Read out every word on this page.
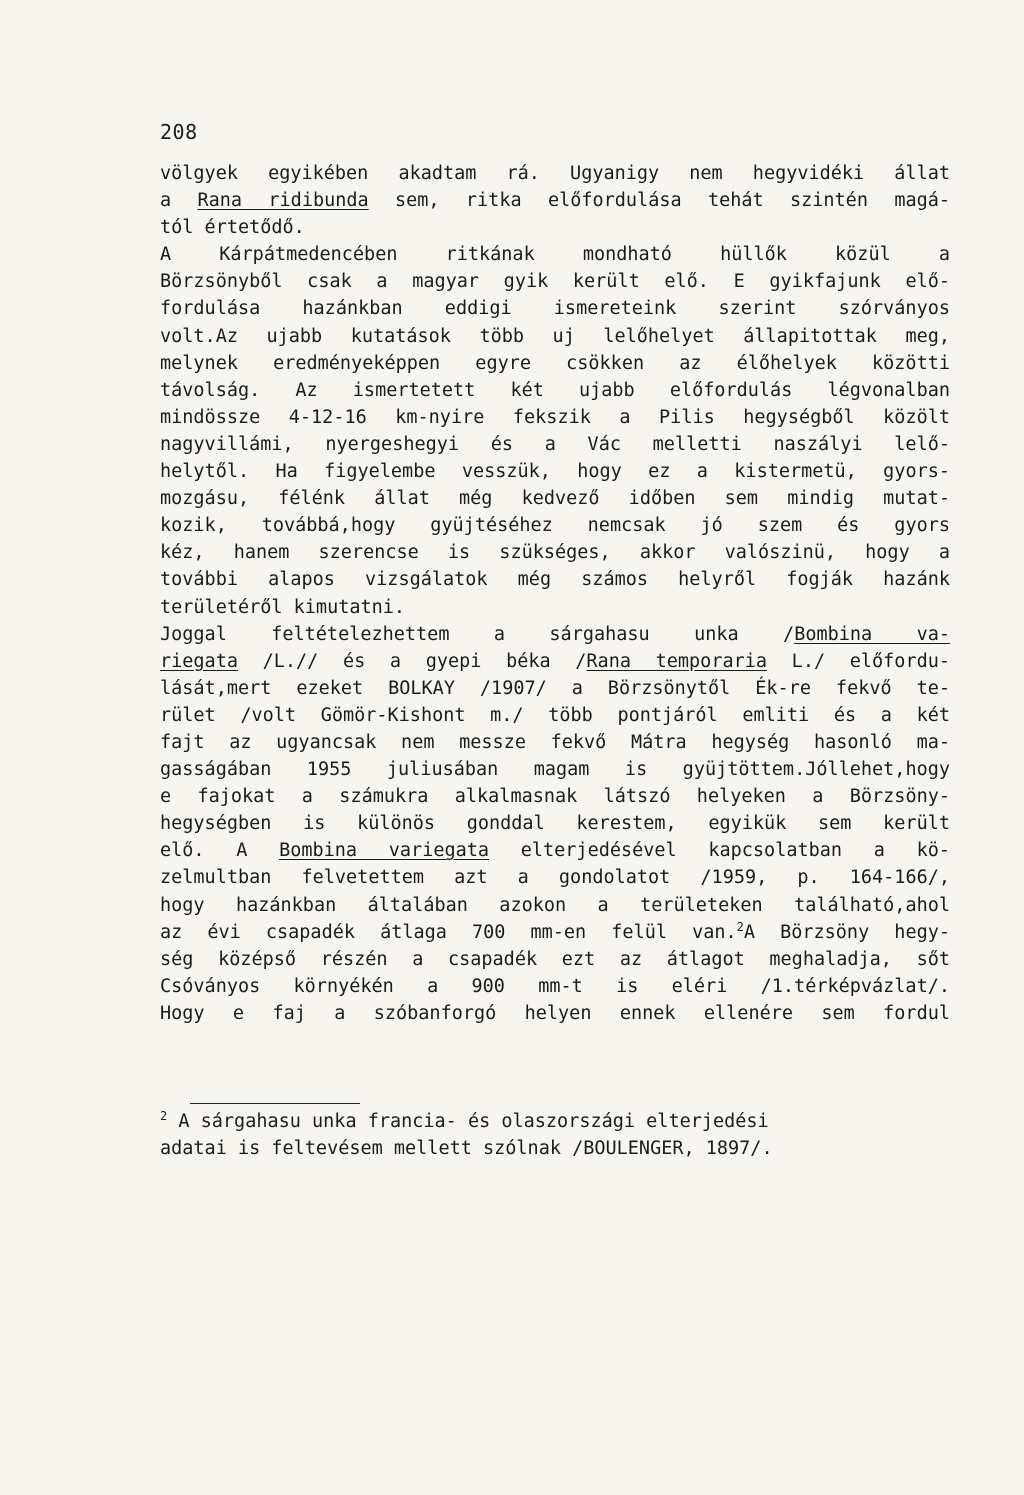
208
völgyek egyikében akadtam rá. Ugyanigy nem hegyvidéki állat
a Rana ridibunda sem, ritka előfordulása tehát szintén magá-
tól értetődő.
A Kárpátmedencében ritkának mondható hüllők közül a
Börzsönyből csak a magyar gyik került elő. E gyikfajunk elő-
fordulása hazánkban eddigi ismereteink szerint szórványos
volt.Az ujabb kutatások több uj lelőhelyet állapitottak meg,
melynek eredményeképpen egyre csökken az élőhelyek közötti
távolság. Az ismertetett két ujabb előfordulás légvonalban
mindössze 4-12-16 km-nyire fekszik a Pilis hegységből közölt
nagyvillámi, nyergeshegyi és a Vác melletti naszályi lelő-
helytől. Ha figyelembe vesszük, hogy ez a kistermetü, gyors-
mozgásu, félénk állat még kedvező időben sem mindig mutat-
kozik, továbbá,hogy gyüjtéséhez nemcsak jó szem és gyors
kéz, hanem szerencse is szükséges, akkor valószinü, hogy a
további alapos vizsgálatok még számos helyről fogják hazánk
területéről kimutatni.
Joggal feltételezhettem a sárgahasu unka /Bombina va-
riegata /L.// és a gyepi béka /Rana temporaria L./ előfordu-
lását,mert ezeket BOLKAY /1907/ a Börzsönytől Ék-re fekvő te-
rület /volt Gömör-Kishont m./ több pontjáról emliti és a két
fajt az ugyancsak nem messze fekvő Mátra hegység hasonló ma-
gasságában 1955 juliusában magam is gyüjtöttem.Jóllehet,hogy
e fajokat a számukra alkalmasnak látszó helyeken a Börzsöny-
hegységben is különös gonddal kerestem, egyikük sem került
elő. A Bombina variegata elterjedésével kapcsolatban a kö-
zelmultban felvetettem azt a gondolatot /1959, p. 164-166/,
hogy hazánkban általában azokon a területeken található,ahol
az évi csapadék átlaga 700 mm-en felül van.$^2$A Börzsöny hegy-
ség középső részén a csapadék ezt az átlagot meghaladja, sőt
Csóványos környékén a 900 mm-t is eléri /1.térképvázlat/.
Hogy e faj a szóbanforgó helyen ennek ellenére sem fordul
$^2$ A sárgahasu unka francia- és olaszországi elterjedési
adatai is feltevésem mellett szólnak /BOULENGER, 1897/.
